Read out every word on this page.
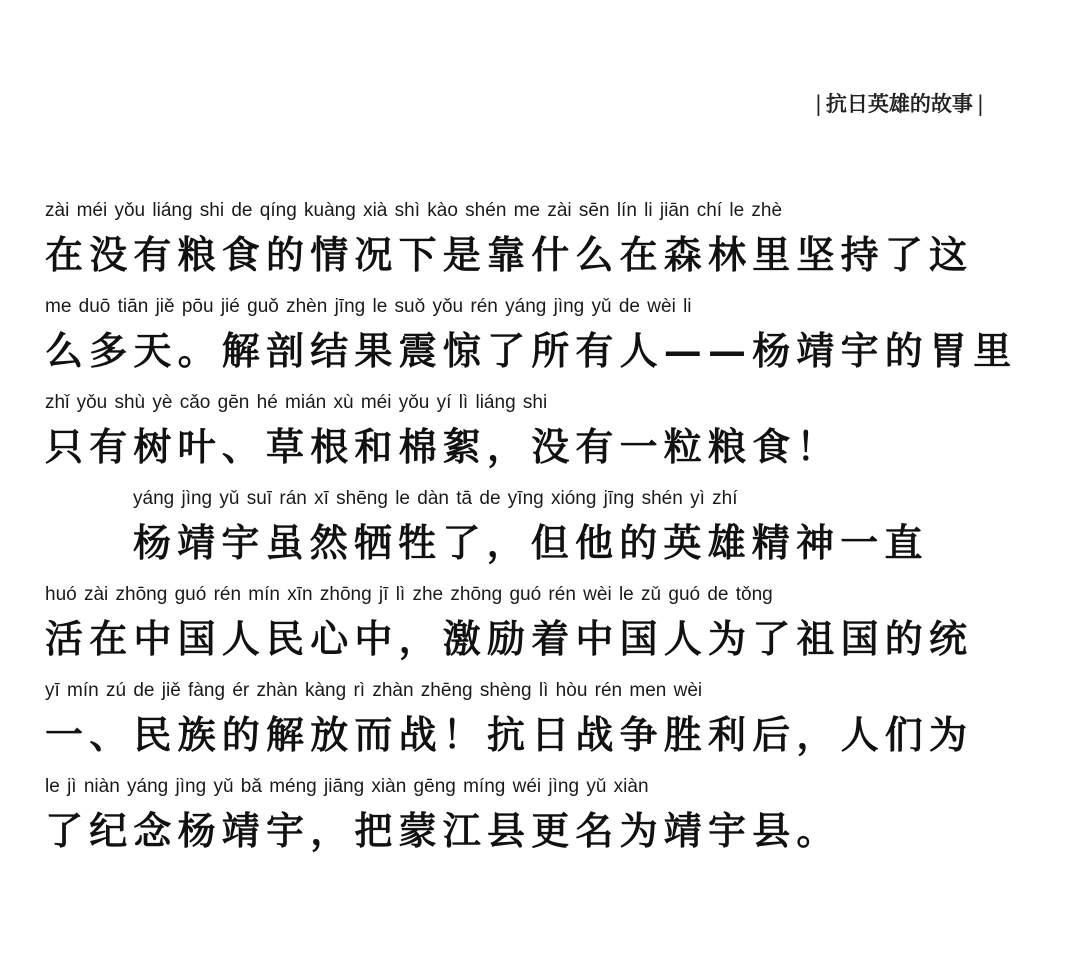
| 抗日英雄的故事 |
zài méi yǒu liáng shi de qíng kuàng xià shì kào shén me zài sēn lín li jiān chí le zhè
在没有粮食的情况下是靠什么在森林里坚持了这
me duō tiān jiě pōu jié guǒ zhèn jīng le suǒ yǒu rén yáng jìng yǔ de wèi li
么多天。解剖结果震惊了所有人——杨靖宇的胃里
zhǐ yǒu shù yè cǎo gēn hé mián xù méi yǒu yí lì liáng shi
只有树叶、草根和棉絮，没有一粒粮食！
yáng jìng yǔ suī rán xī shēng le dàn tā de yīng xióng jīng shén yì zhí
杨靖宇虽然牺牲了，但他的英雄精神一直
huó zài zhōng guó rén mín xīn zhōng jī lì zhe zhōng guó rén wèi le zǔ guó de tǒng
活在中国人民心中，激励着中国人为了祖国的统
yī mín zú de jiě fàng ér zhàn kàng rì zhàn zhēng shèng lì hòu rén men wèi
一、民族的解放而战！抗日战争胜利后，人们为
le jì niàn yáng jìng yǔ bǎ méng jiāng xiàn gēng míng wéi jìng yǔ xiàn
了纪念杨靖宇，把蒙江县更名为靖宇县。
